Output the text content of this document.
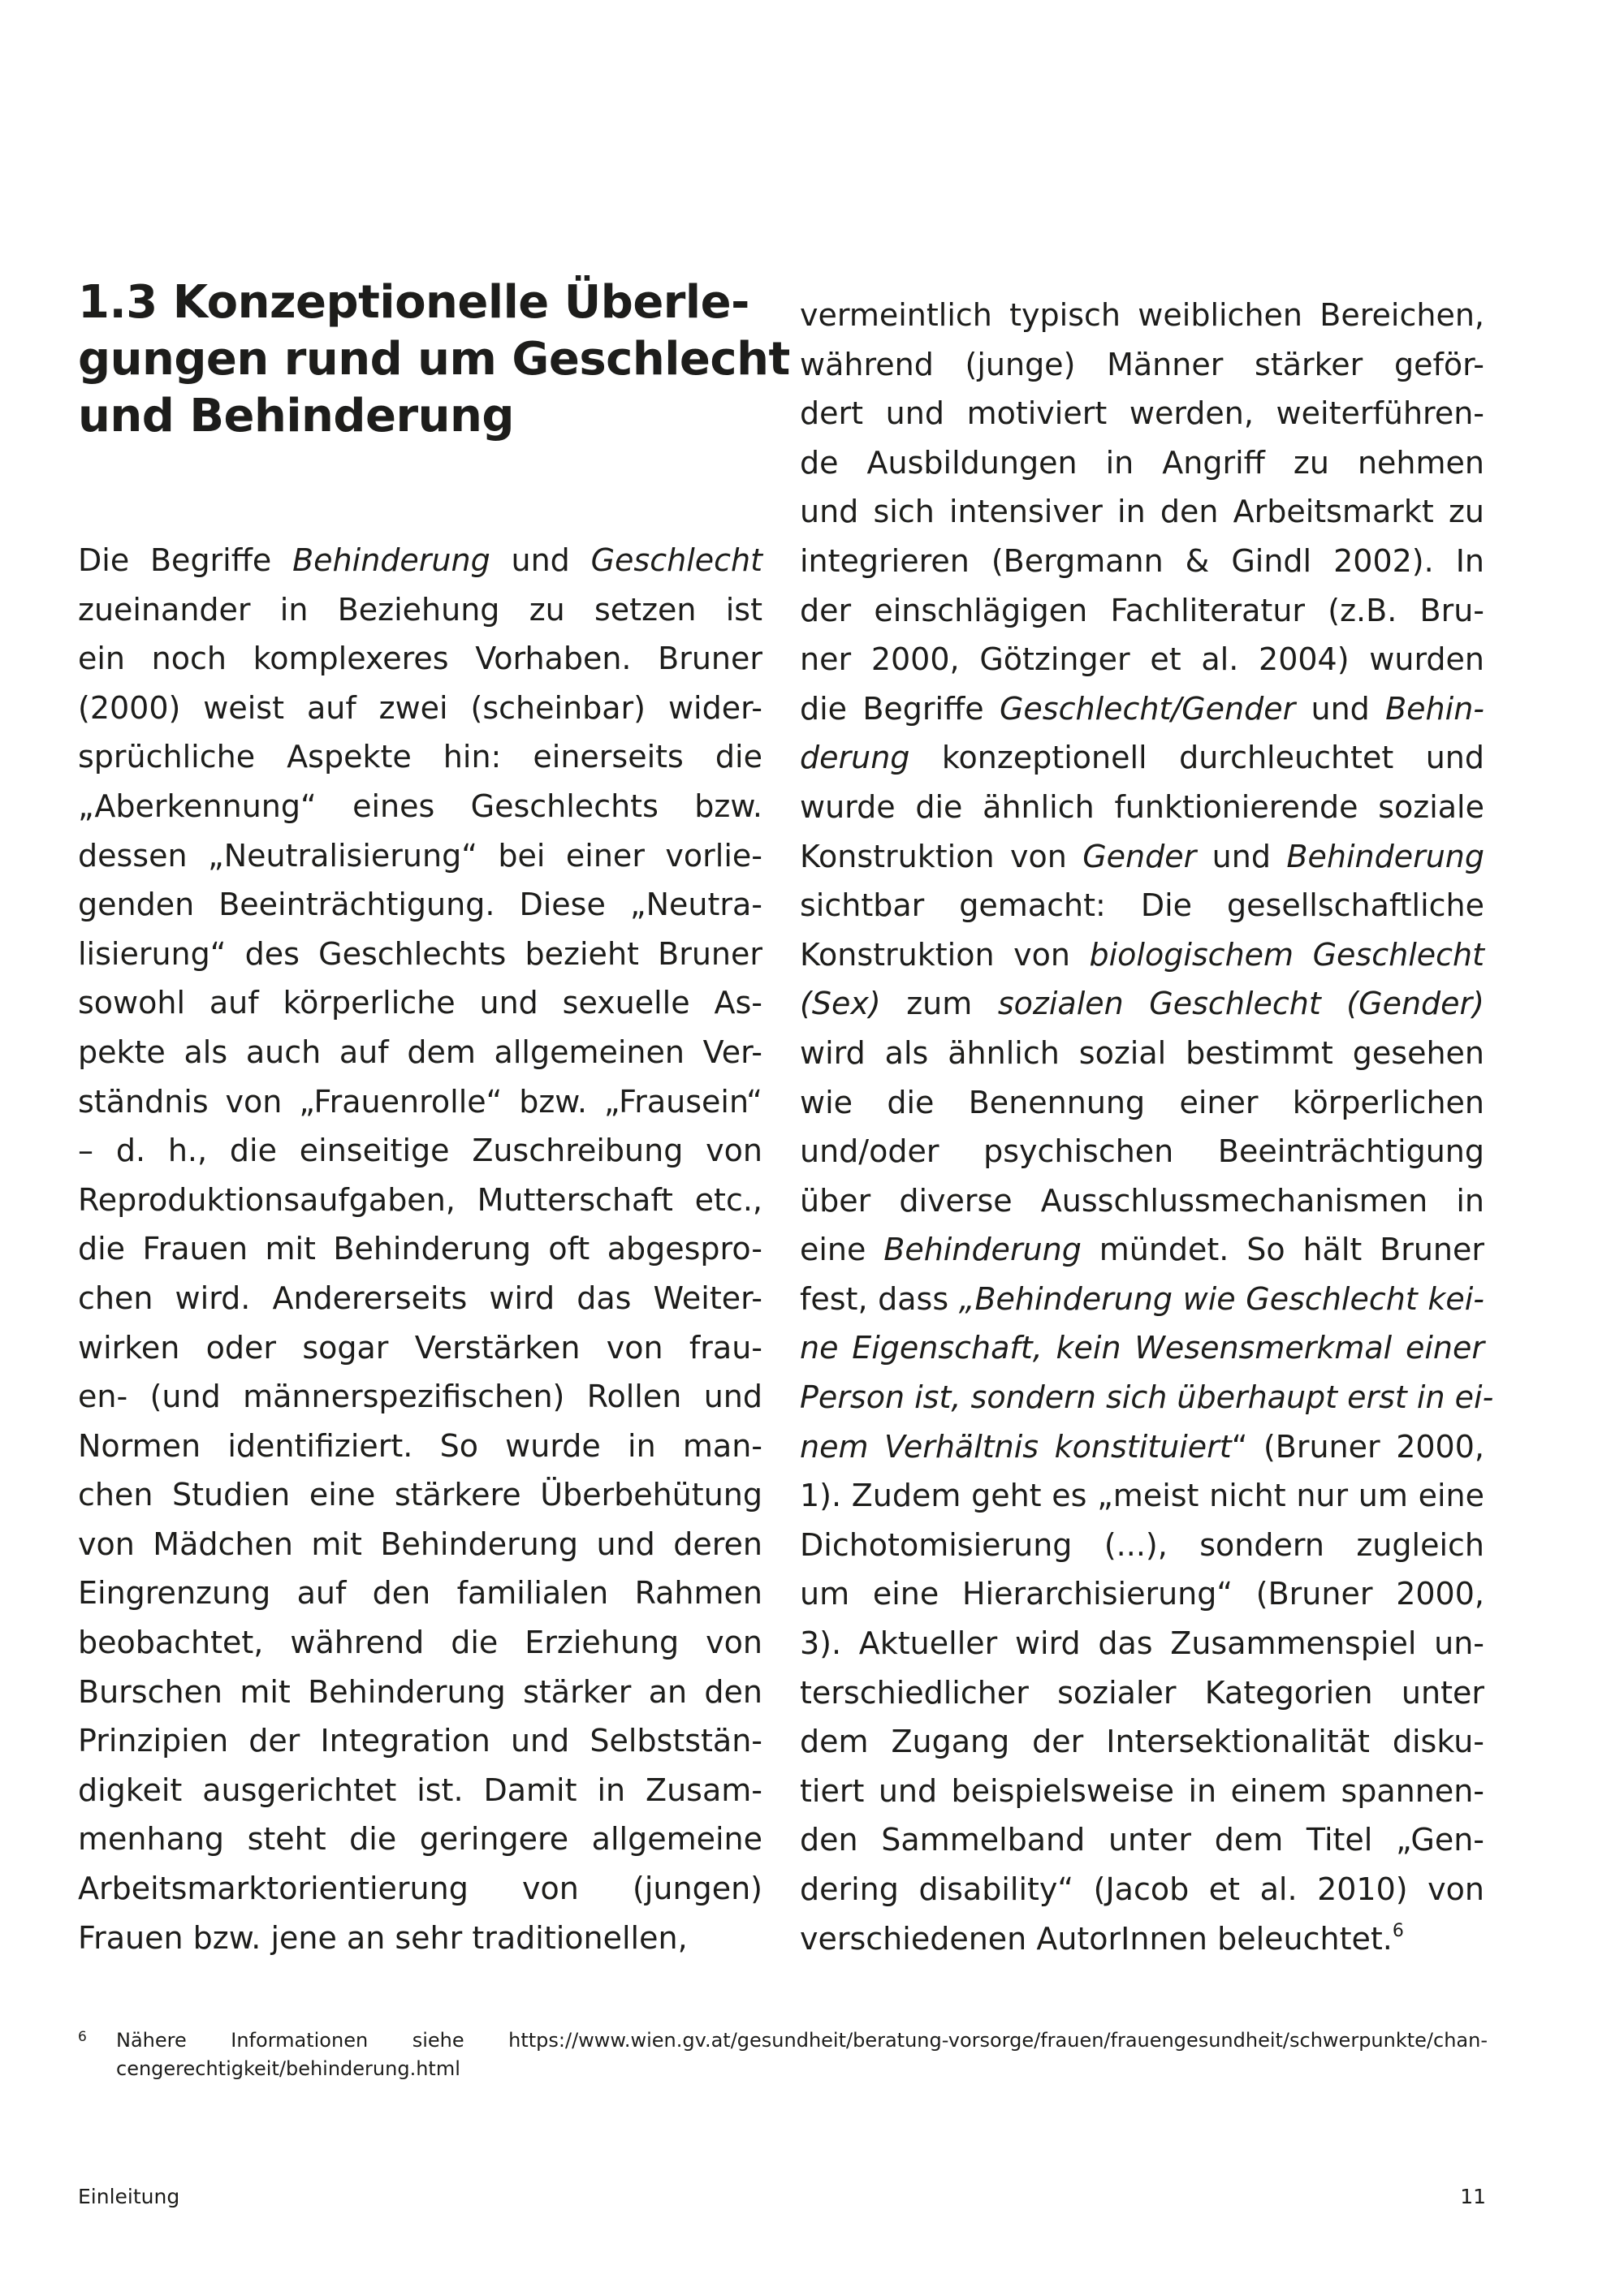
1.3 Konzeptionelle Überle-
gungen rund um Geschlecht
und Behinderung
Die Begriffe Behinderung und Geschlecht
zueinander in Beziehung zu setzen ist
ein noch komplexeres Vorhaben. Bruner
(2000) weist auf zwei (scheinbar) wider-
sprüchliche Aspekte hin: einerseits die
„Aberkennung“ eines Geschlechts bzw.
dessen „Neutralisierung“ bei einer vorlie-
genden Beeinträchtigung. Diese „Neutra-
lisierung“ des Geschlechts bezieht Bruner
sowohl auf körperliche und sexuelle As-
pekte als auch auf dem allgemeinen Ver-
ständnis von „Frauenrolle“ bzw. „Frausein“
– d. h., die einseitige Zuschreibung von
Reproduktionsaufgaben, Mutterschaft etc.,
die Frauen mit Behinderung oft abgespro-
chen wird. Andererseits wird das Weiter-
wirken oder sogar Verstärken von frau-
en- (und männerspezifischen) Rollen und
Normen identifiziert. So wurde in man-
chen Studien eine stärkere Überbehütung
von Mädchen mit Behinderung und deren
Eingrenzung auf den familialen Rahmen
beobachtet, während die Erziehung von
Burschen mit Behinderung stärker an den
Prinzipien der Integration und Selbststän-
digkeit ausgerichtet ist. Damit in Zusam-
menhang steht die geringere allgemeine
Arbeitsmarktorientierung von (jungen)
Frauen bzw. jene an sehr traditionellen,
vermeintlich typisch weiblichen Bereichen,
während (junge) Männer stärker geför-
dert und motiviert werden, weiterführen-
de Ausbildungen in Angriff zu nehmen
und sich intensiver in den Arbeitsmarkt zu
integrieren (Bergmann & Gindl 2002). In
der einschlägigen Fachliteratur (z.B. Bru-
ner 2000, Götzinger et al. 2004) wurden
die Begriffe Geschlecht/Gender und Behin-
derung konzeptionell durchleuchtet und
wurde die ähnlich funktionierende soziale
Konstruktion von Gender und Behinderung
sichtbar gemacht: Die gesellschaftliche
Konstruktion von biologischem Geschlecht
(Sex) zum sozialen Geschlecht (Gender)
wird als ähnlich sozial bestimmt gesehen
wie die Benennung einer körperlichen
und/oder psychischen Beeinträchtigung
über diverse Ausschlussmechanismen in
eine Behinderung mündet. So hält Bruner
fest, dass „Behinderung wie Geschlecht kei-
ne Eigenschaft, kein Wesensmerkmal einer
Person ist, sondern sich überhaupt erst in ei-
nem Verhältnis konstituiert“ (Bruner 2000,
1). Zudem geht es „meist nicht nur um eine
Dichotomisierung (...), sondern zugleich
um eine Hierarchisierung“ (Bruner 2000,
3). Aktueller wird das Zusammenspiel un-
terschiedlicher sozialer Kategorien unter
dem Zugang der Intersektionalität disku-
tiert und beispielsweise in einem spannen-
den Sammelband unter dem Titel „Gen-
dering disability“ (Jacob et al. 2010) von
verschiedenen AutorInnen beleuchtet.$^6$
6 Nähere Informationen siehe https://www.wien.gv.at/gesundheit/beratung-vorsorge/frauen/frauengesundheit/schwerpunkte/chan-
cengerechtigkeit/behinderung.html
Einleitung	11
